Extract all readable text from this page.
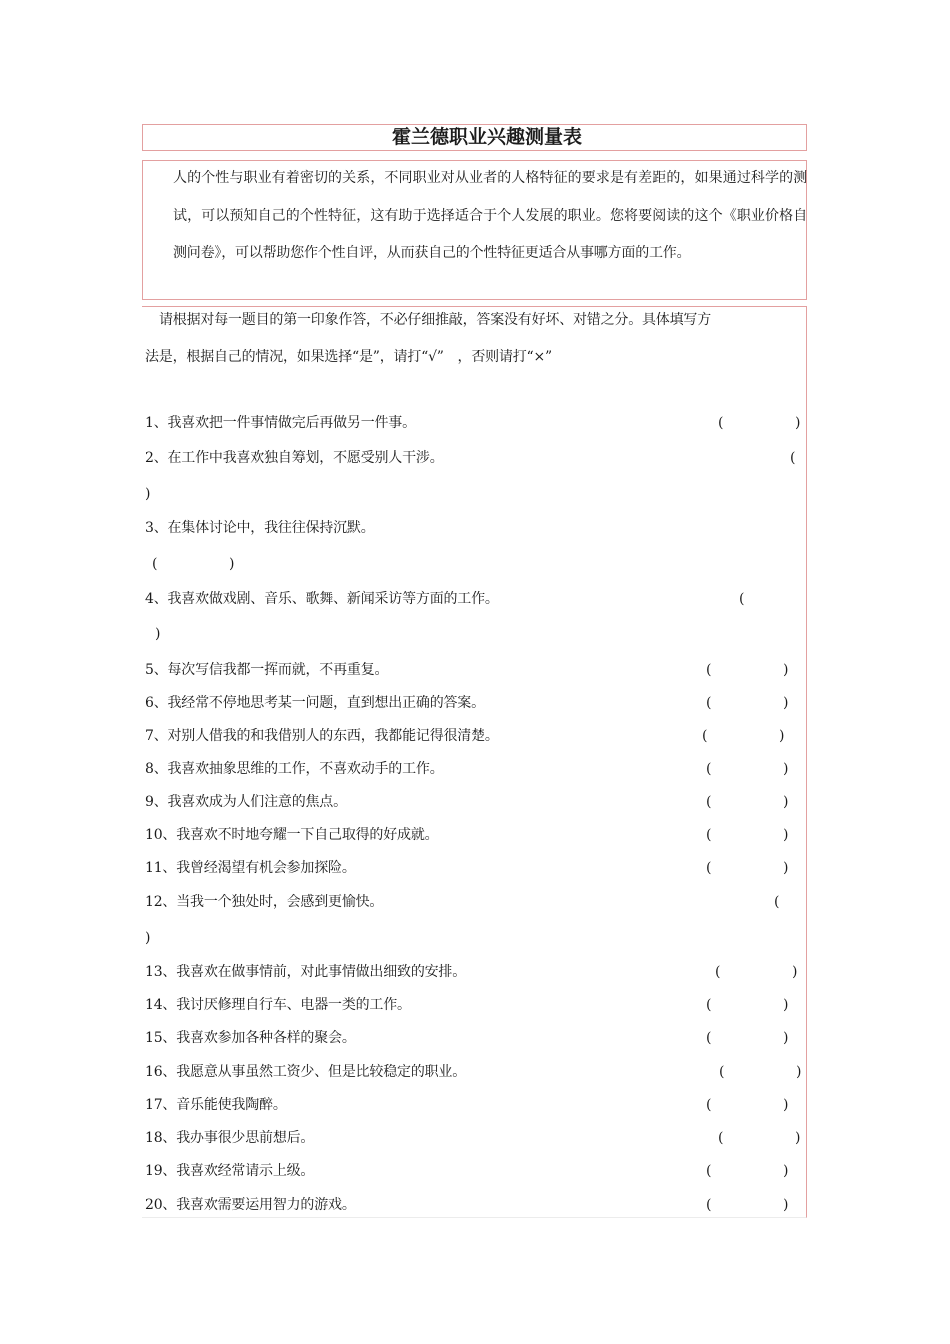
霍兰德职业兴趣测量表
人的个性与职业有着密切的关系，不同职业对从业者的人格特征的要求是有差距的，如果通过科学的测试，可以预知自己的个性特征，这有助于选择适合于个人发展的职业。您将要阅读的这个《职业价格自测问卷》，可以帮助您作个性自评，从而获自己的个性特征更适合从事哪方面的工作。
请根据对每一题目的第一印象作答，不必仔细推敲，答案没有好坏、对错之分。具体填写方
法是，根据自己的情况，如果选择“是”，请打“√”　，否则请打“×”
1、我喜欢把一件事情做完后再做另一件事。	(	)
2、在工作中我喜欢独自筹划，不愿受别人干涉。	(
)
3、在集体讨论中，我往往保持沉默。
(	)
4、我喜欢做戏剧、音乐、歌舞、新闻采访等方面的工作。	(
)
5、每次写信我都一挥而就，不再重复。	(	)
6、我经常不停地思考某一问题，直到想出正确的答案。	(	)
7、对别人借我的和我借别人的东西，我都能记得很清楚。	(	)
8、我喜欢抽象思维的工作，不喜欢动手的工作。	(	)
9、我喜欢成为人们注意的焦点。	(	)
10、我喜欢不时地夸耀一下自己取得的好成就。	(	)
11、我曾经渴望有机会参加探险。	(	)
12、当我一个独处时，会感到更愉快。	(
)
13、我喜欢在做事情前，对此事情做出细致的安排。	(	)
14、我讨厌修理自行车、电器一类的工作。	(	)
15、我喜欢参加各种各样的聚会。	(	)
16、我愿意从事虽然工资少、但是比较稳定的职业。	(	)
17、音乐能使我陶醉。	(	)
18、我办事很少思前想后。	(	)
19、我喜欢经常请示上级。	(	)
20、我喜欢需要运用智力的游戏。	(	)
